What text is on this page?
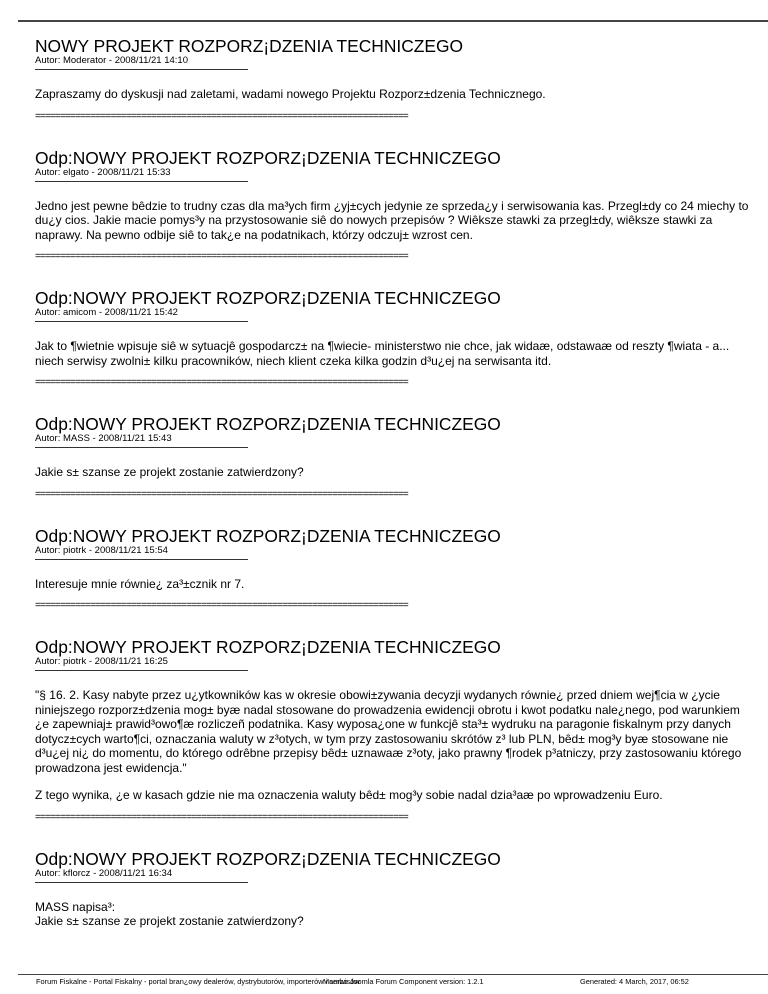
NOWY PROJEKT ROZPORZ¡DZENIA TECHNICZEGO
Autor: Moderator - 2008/11/21 14:10

Zapraszamy do dyskusji nad zaletami, wadami nowego Projektu Rozporz±dzenia Technicznego.

==========================================================================
Odp:NOWY PROJEKT ROZPORZ¡DZENIA TECHNICZEGO
Autor: elgato - 2008/11/21 15:33

Jedno jest pewne bêdzie to trudny czas dla ma³ych firm ¿yj±cych jedynie ze sprzeda¿y i serwisowania kas. Przegl±dy co 24 miechy to du¿y cios. Jakie macie pomys³y na przystosowanie siê do nowych przepisów ? Wiêksze stawki za przegl±dy, wiêksze stawki za naprawy. Na pewno odbije siê to tak¿e na podatnikach, którzy odczuj± wzrost cen.

==========================================================================
Odp:NOWY PROJEKT ROZPORZ¡DZENIA TECHNICZEGO
Autor: amicom - 2008/11/21 15:42

Jak to ¶wietnie wpisuje siê w sytuacjê gospodarcz± na ¶wiecie- ministerstwo nie chce, jak widaæ, odstawaæ od reszty ¶wiata - a... niech serwisy zwolni± kilku pracowników, niech klient czeka kilka godzin d³u¿ej na serwisanta itd.

==========================================================================
Odp:NOWY PROJEKT ROZPORZ¡DZENIA TECHNICZEGO
Autor: MASS - 2008/11/21 15:43

Jakie s± szanse ze projekt zostanie zatwierdzony?

==========================================================================
Odp:NOWY PROJEKT ROZPORZ¡DZENIA TECHNICZEGO
Autor: piotrk - 2008/11/21 15:54

Interesuje mnie równie¿ za³±cznik nr 7.

==========================================================================
Odp:NOWY PROJEKT ROZPORZ¡DZENIA TECHNICZEGO
Autor: piotrk - 2008/11/21 16:25

"§ 16. 2. Kasy nabyte przez u¿ytkowników kas w okresie obowi±zywania decyzji wydanych równie¿ przed dniem wej¶cia w ¿ycie niniejszego rozporz±dzenia mog± byæ nadal stosowane do prowadzenia ewidencji obrotu i kwot podatku nale¿nego, pod warunkiem ¿e zapewniaj± prawid³owo¶æ rozliczeñ podatnika. Kasy wyposa¿one w funkcjê sta³± wydruku na paragonie fiskalnym przy danych dotycz±cych warto¶ci, oznaczania waluty w z³otych, w tym przy zastosowaniu skrótów z³ lub PLN, bêd± mog³y byæ stosowane nie d³u¿ej ni¿ do momentu, do którego odrêbne przepisy bêd± uznawaæ z³oty, jako prawny ¶rodek p³atniczy, przy zastosowaniu którego prowadzona jest ewidencja."

Z tego wynika, ¿e w kasach gdzie nie ma oznaczenia waluty bêd± mog³y sobie nadal dzia³aæ po wprowadzeniu Euro.

==========================================================================
Odp:NOWY PROJEKT ROZPORZ¡DZENIA TECHNICZEGO
Autor: kflorcz - 2008/11/21 16:34

MASS napisa³:

Jakie s± szanse ze projekt zostanie zatwierdzony?

Forum Fiskalne - Portal Fiskalny - portal bran¿owy dealerów, dystrybutorów, importerów i serwisów
Mambo Joomla Forum Component version: 1.2.1	Generated: 4 March, 2017, 06:52
